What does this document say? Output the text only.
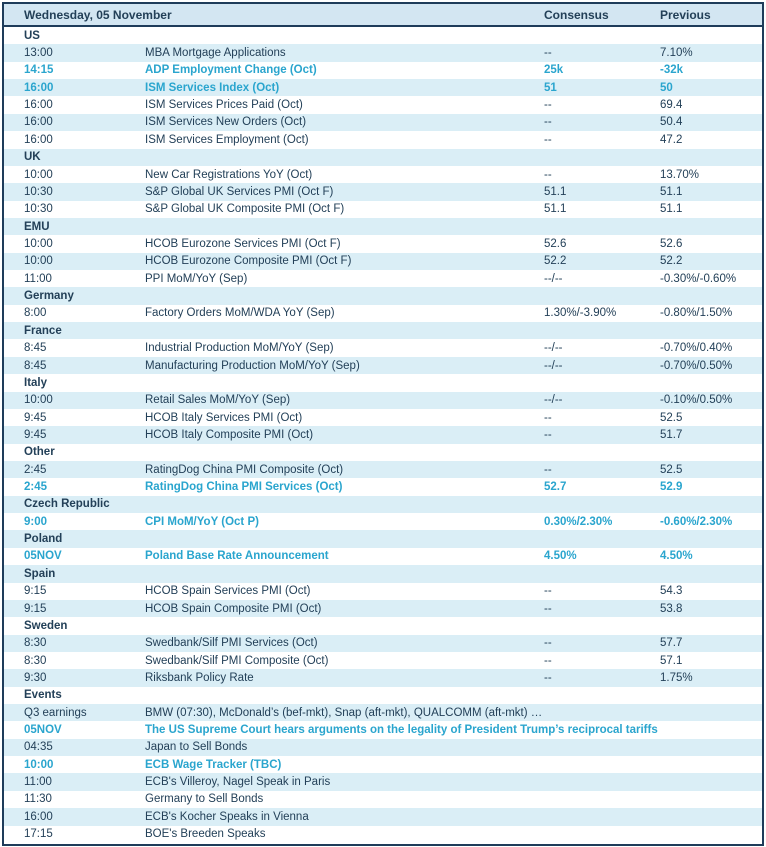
Wednesday, 05 November	Consensus	Previous
US
13:00	MBA Mortgage Applications	--	7.10%
14:15	ADP Employment Change (Oct)	25k	-32k
16:00	ISM Services Index (Oct)	51	50
16:00	ISM Services Prices Paid (Oct)	--	69.4
16:00	ISM Services New Orders (Oct)	--	50.4
16:00	ISM Services Employment (Oct)	--	47.2
UK
10:00	New Car Registrations YoY (Oct)	--	13.70%
10:30	S&P Global UK Services PMI (Oct F)	51.1	51.1
10:30	S&P Global UK Composite PMI (Oct F)	51.1	51.1
EMU
10:00	HCOB Eurozone Services PMI (Oct F)	52.6	52.6
10:00	HCOB Eurozone Composite PMI (Oct F)	52.2	52.2
11:00	PPI MoM/YoY (Sep)	--/--	-0.30%/-0.60%
Germany
8:00	Factory Orders MoM/WDA YoY (Sep)	1.30%/-3.90%	-0.80%/1.50%
France
8:45	Industrial Production MoM/YoY (Sep)	--/--	-0.70%/0.40%
8:45	Manufacturing Production MoM/YoY (Sep)	--/--	-0.70%/0.50%
Italy
10:00	Retail Sales MoM/YoY (Sep)	--/--	-0.10%/0.50%
9:45	HCOB Italy Services PMI (Oct)	--	52.5
9:45	HCOB Italy Composite PMI (Oct)	--	51.7
Other
2:45	RatingDog China PMI Composite (Oct)	--	52.5
2:45	RatingDog China PMI Services (Oct)	52.7	52.9
Czech Republic
9:00	CPI MoM/YoY (Oct P)	0.30%/2.30%	-0.60%/2.30%
Poland
05NOV	Poland Base Rate Announcement	4.50%	4.50%
Spain
9:15	HCOB Spain Services PMI (Oct)	--	54.3
9:15	HCOB Spain Composite PMI (Oct)	--	53.8
Sweden
8:30	Swedbank/Silf PMI Services (Oct)	--	57.7
8:30	Swedbank/Silf PMI Composite (Oct)	--	57.1
9:30	Riksbank Policy Rate	--	1.75%
Events
Q3 earnings	BMW (07:30), McDonald’s (bef-mkt), Snap (aft-mkt), QUALCOMM (aft-mkt) …
05NOV	The US Supreme Court hears arguments on the legality of President Trump’s reciprocal tariffs
04:35	Japan to Sell Bonds
10:00	ECB Wage Tracker (TBC)
11:00	ECB's Villeroy, Nagel Speak in Paris
11:30	Germany to Sell Bonds
16:00	ECB's Kocher Speaks in Vienna
17:15	BOE's Breeden Speaks
